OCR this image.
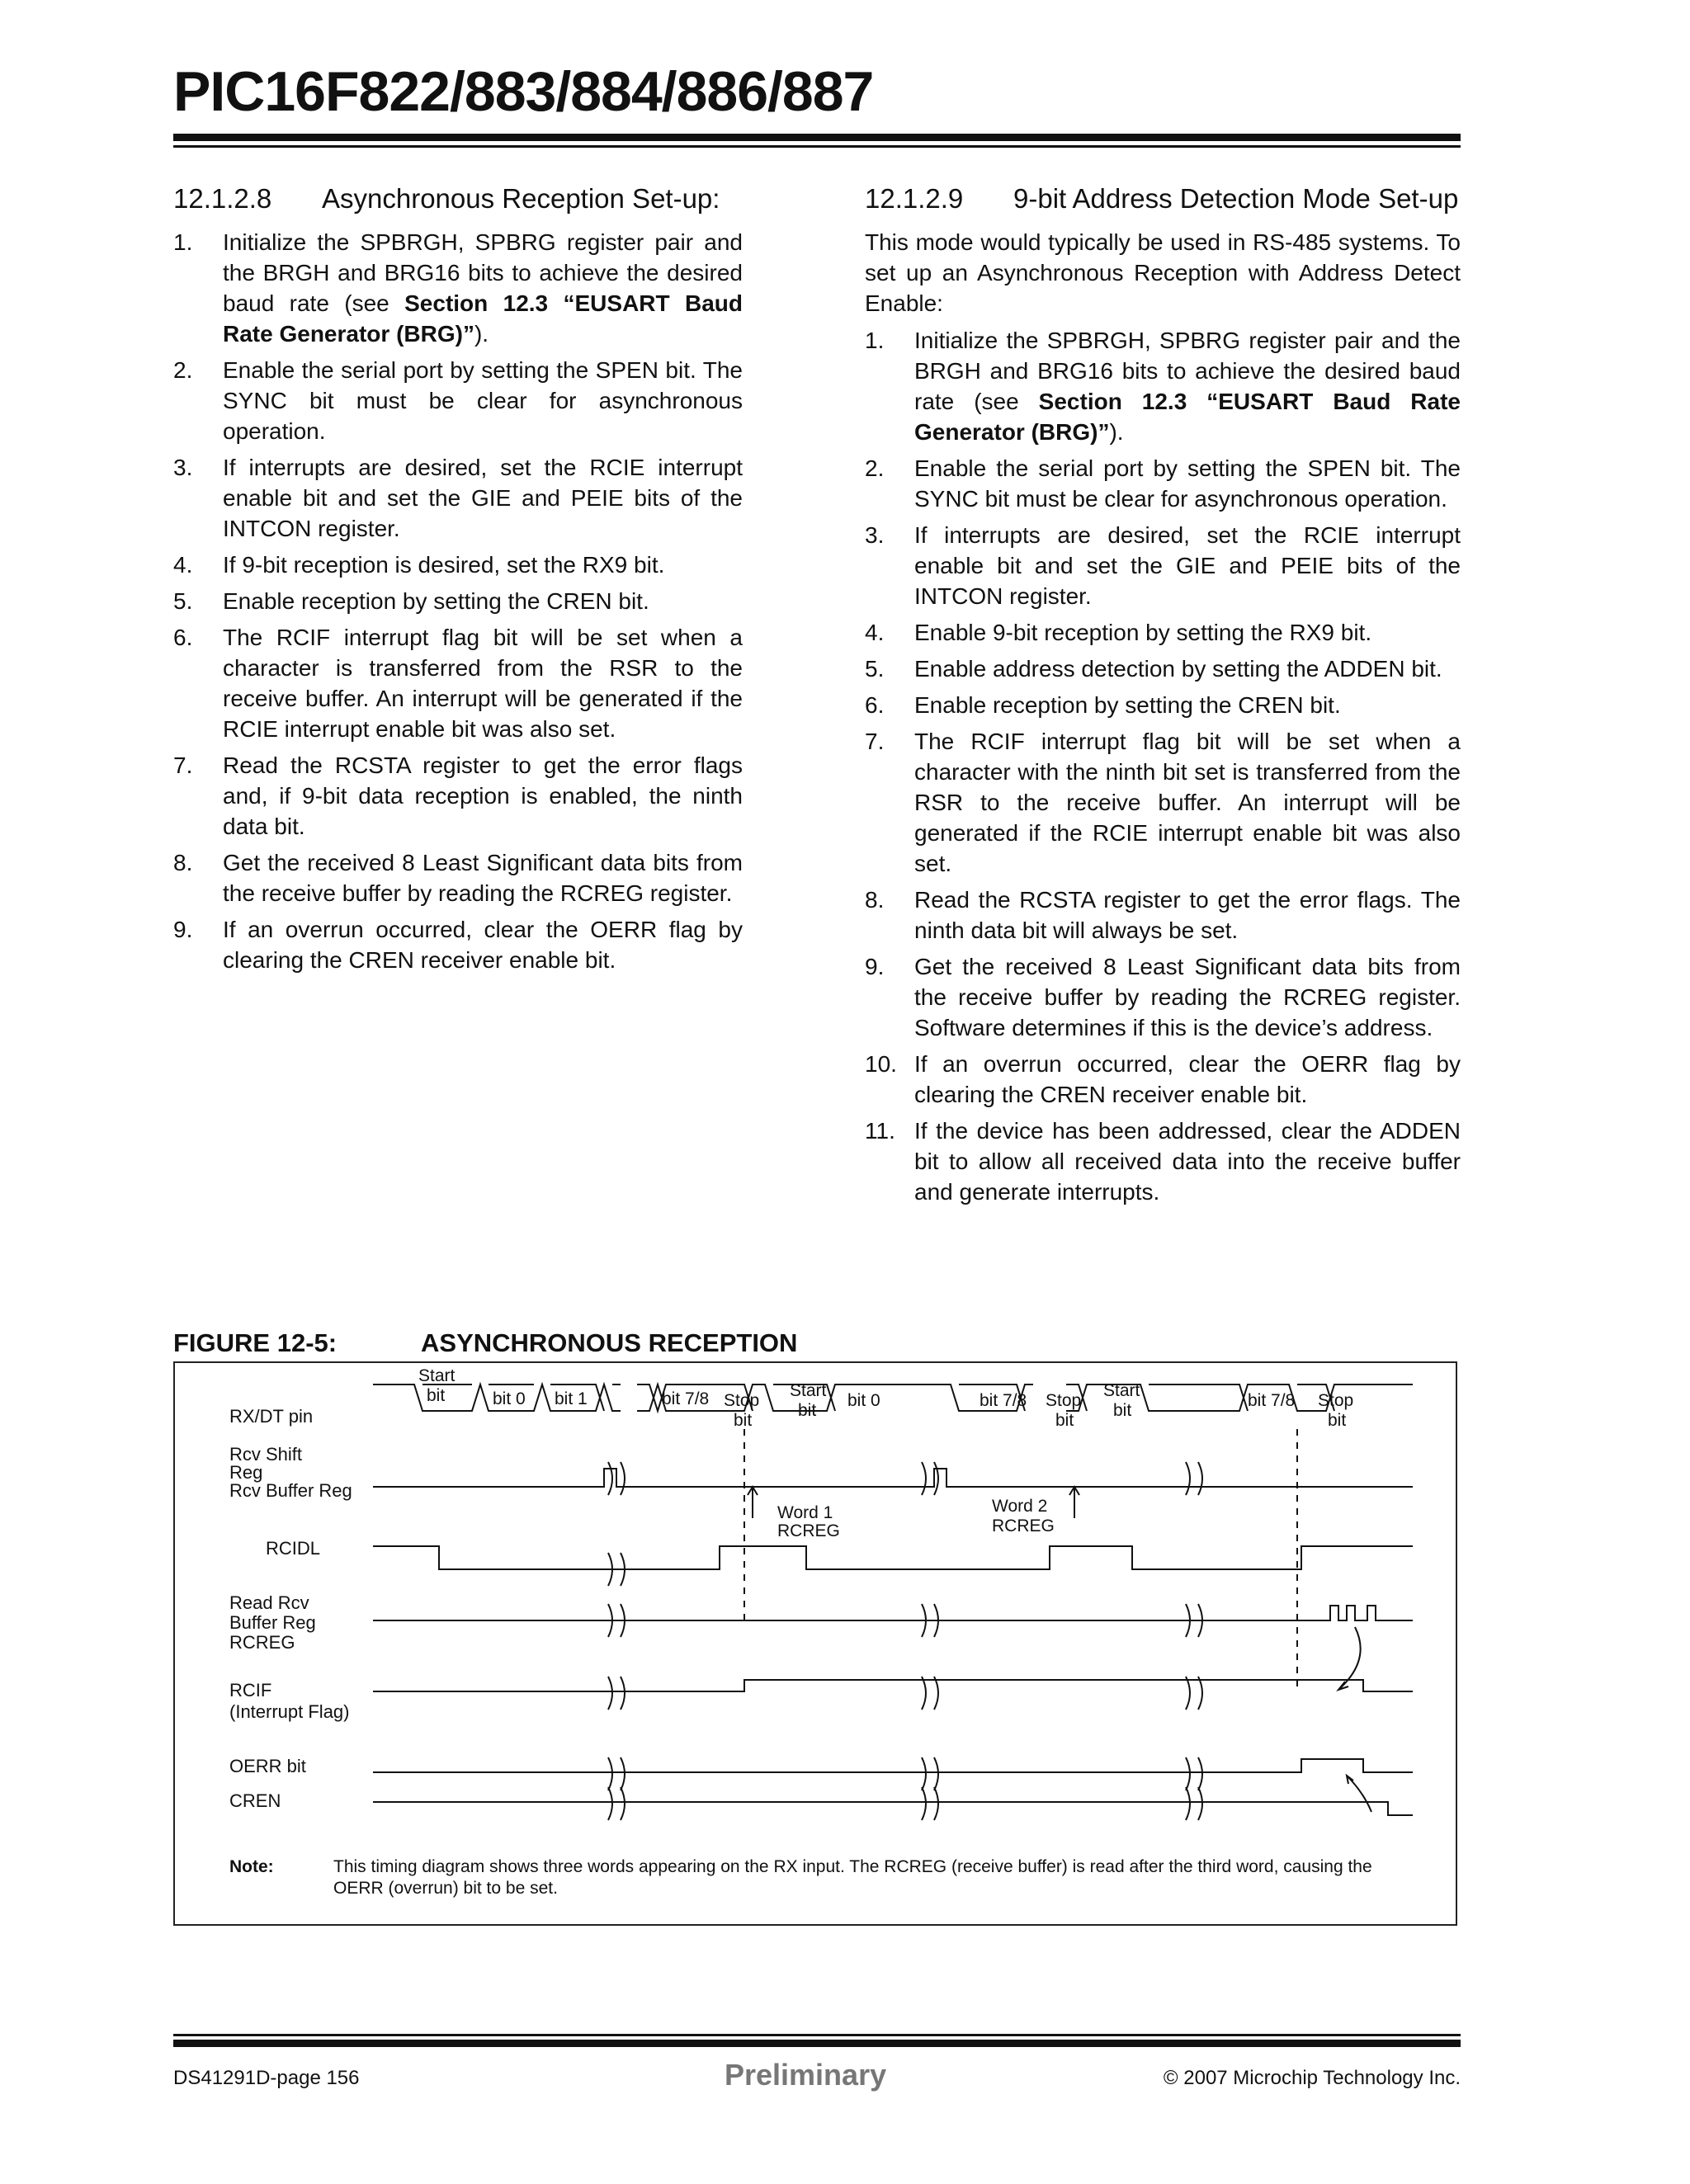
PIC16F822/883/884/886/887
12.1.2.8	Asynchronous Reception Set-up:
1.	Initialize the SPBRGH, SPBRG register pair and the BRGH and BRG16 bits to achieve the desired baud rate (see Section 12.3 “EUSART Baud Rate Generator (BRG)”).
2.	Enable the serial port by setting the SPEN bit. The SYNC bit must be clear for asynchronous operation.
3.	If interrupts are desired, set the RCIE interrupt enable bit and set the GIE and PEIE bits of the INTCON register.
4.	If 9-bit reception is desired, set the RX9 bit.
5.	Enable reception by setting the CREN bit.
6.	The RCIF interrupt flag bit will be set when a character is transferred from the RSR to the receive buffer. An interrupt will be generated if the RCIE interrupt enable bit was also set.
7.	Read the RCSTA register to get the error flags and, if 9-bit data reception is enabled, the ninth data bit.
8.	Get the received 8 Least Significant data bits from the receive buffer by reading the RCREG register.
9.	If an overrun occurred, clear the OERR flag by clearing the CREN receiver enable bit.
12.1.2.9	9-bit Address Detection Mode Set-up

This mode would typically be used in RS-485 systems. To set up an Asynchronous Reception with Address Detect Enable:

1.	Initialize the SPBRGH, SPBRG register pair and the BRGH and BRG16 bits to achieve the desired baud rate (see Section 12.3 “EUSART Baud Rate Generator (BRG)”).
2.	Enable the serial port by setting the SPEN bit. The SYNC bit must be clear for asynchronous operation.
3.	If interrupts are desired, set the RCIE interrupt enable bit and set the GIE and PEIE bits of the INTCON register.
4.	Enable 9-bit reception by setting the RX9 bit.
5.	Enable address detection by setting the ADDEN bit.
6.	Enable reception by setting the CREN bit.
7.	The RCIF interrupt flag bit will be set when a character with the ninth bit set is transferred from the RSR to the receive buffer. An interrupt will be generated if the RCIE interrupt enable bit was also set.
8.	Read the RCSTA register to get the error flags. The ninth data bit will always be set.
9.	Get the received 8 Least Significant data bits from the receive buffer by reading the RCREG register. Software determines if this is the device’s address.
10. If an overrun occurred, clear the OERR flag by clearing the CREN receiver enable bit.
11. If the device has been addressed, clear the ADDEN bit to allow all received data into the receive buffer and generate interrupts.
FIGURE 12-5:	ASYNCHRONOUS RECEPTION
RX/DT pin
Rcv Shift
Reg
Rcv Buffer Reg
RCIDL
Read Rcv
Buffer Reg
RCREG
RCIF
(Interrupt Flag)
OERR bit
CREN
Start
bit	bit 0 bit 1	bit 7/8 Stop
bit
Start
bit
bit 0	bit 7/8 Stop
bit
Start
bit
bit 7/8 Stop
bit
Word 1
RCREG
Word 2
RCREG
Note:	This timing diagram shows three words appearing on the RX input. The RCREG (receive buffer) is read after the third word, causing the OERR (overrun) bit to be set.
DS41291D-page 156	Preliminary	© 2007 Microchip Technology Inc.
